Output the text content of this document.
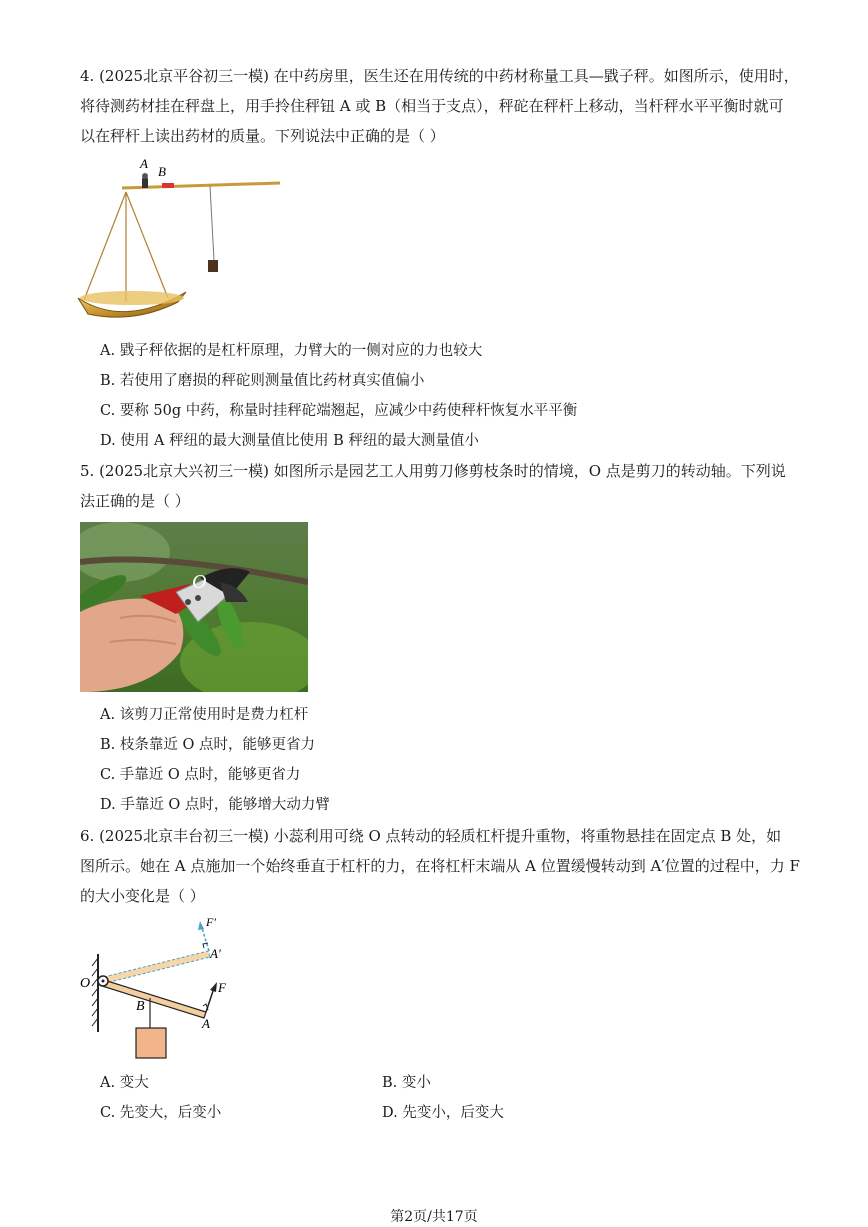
4. (2025北京平谷初三一模) 在中药房里，医生还在用传统的中药材称量工具—戥子秤。如图所示，使用时，
将待测药材挂在秤盘上，用手拎住秤钮 A 或 B（相当于支点），秤砣在秤杆上移动，当杆秤水平平衡时就可
以在秤杆上读出药材的质量。下列说法中正确的是（ ）
A
B
A. 戥子秤依据的是杠杆原理，力臂大的一侧对应的力也较大
B. 若使用了磨损的秤砣则测量值比药材真实值偏小
C. 要称 50g 中药，称量时挂秤砣端翘起，应减少中药使秤杆恢复水平平衡
D. 使用 A 秤纽的最大测量值比使用 B 秤纽的最大测量值小
5. (2025北京大兴初三一模) 如图所示是园艺工人用剪刀修剪枝条时的情境，O 点是剪刀的转动轴。下列说
法正确的是（ ）
O
A. 该剪刀正常使用时是费力杠杆
B. 枝条靠近 O 点时，能够更省力
C. 手靠近 O 点时，能够更省力
D. 手靠近 O 点时，能够增大动力臂
6. (2025北京丰台初三一模) 小蕊利用可绕 O 点转动的轻质杠杆提升重物，将重物悬挂在固定点 B 处，如
图所示。她在 A 点施加一个始终垂直于杠杆的力，在将杠杆末端从 A 位置缓慢转动到 A′位置的过程中，力 F
的大小变化是（ ）
O
B
A
A′
F
F′
A. 变大	B. 变小
C. 先变大，后变小	D. 先变小，后变大
第2页/共17页
